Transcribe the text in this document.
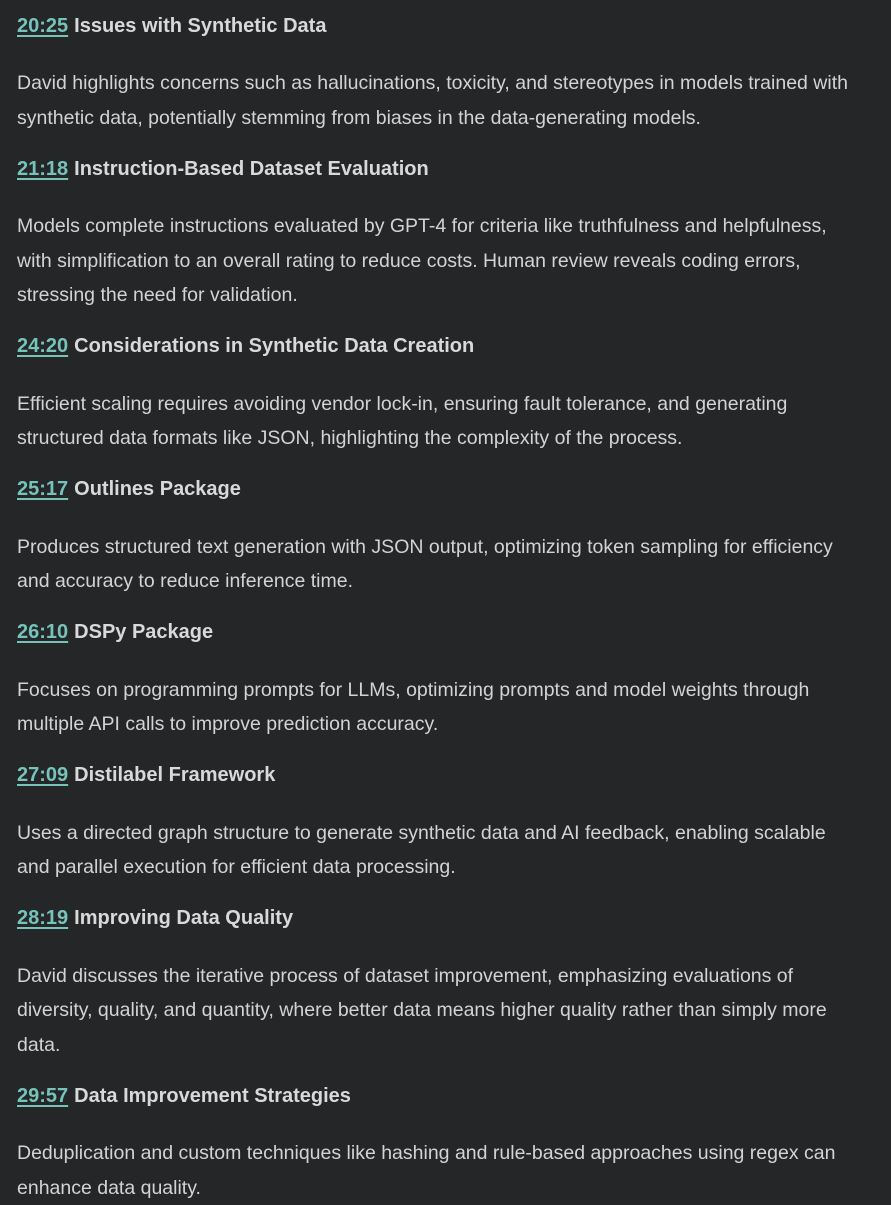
20:25 Issues with Synthetic Data

David highlights concerns such as hallucinations, toxicity, and stereotypes in models trained with synthetic data, potentially stemming from biases in the data-generating models.

21:18 Instruction-Based Dataset Evaluation

Models complete instructions evaluated by GPT-4 for criteria like truthfulness and helpfulness, with simplification to an overall rating to reduce costs. Human review reveals coding errors, stressing the need for validation.

24:20 Considerations in Synthetic Data Creation

Efficient scaling requires avoiding vendor lock-in, ensuring fault tolerance, and generating structured data formats like JSON, highlighting the complexity of the process.

25:17 Outlines Package

Produces structured text generation with JSON output, optimizing token sampling for efficiency and accuracy to reduce inference time.

26:10 DSPy Package

Focuses on programming prompts for LLMs, optimizing prompts and model weights through multiple API calls to improve prediction accuracy.

27:09 Distilabel Framework

Uses a directed graph structure to generate synthetic data and AI feedback, enabling scalable and parallel execution for efficient data processing.

28:19 Improving Data Quality

David discusses the iterative process of dataset improvement, emphasizing evaluations of diversity, quality, and quantity, where better data means higher quality rather than simply more data.

29:57 Data Improvement Strategies

Deduplication and custom techniques like hashing and rule-based approaches using regex can enhance data quality.
